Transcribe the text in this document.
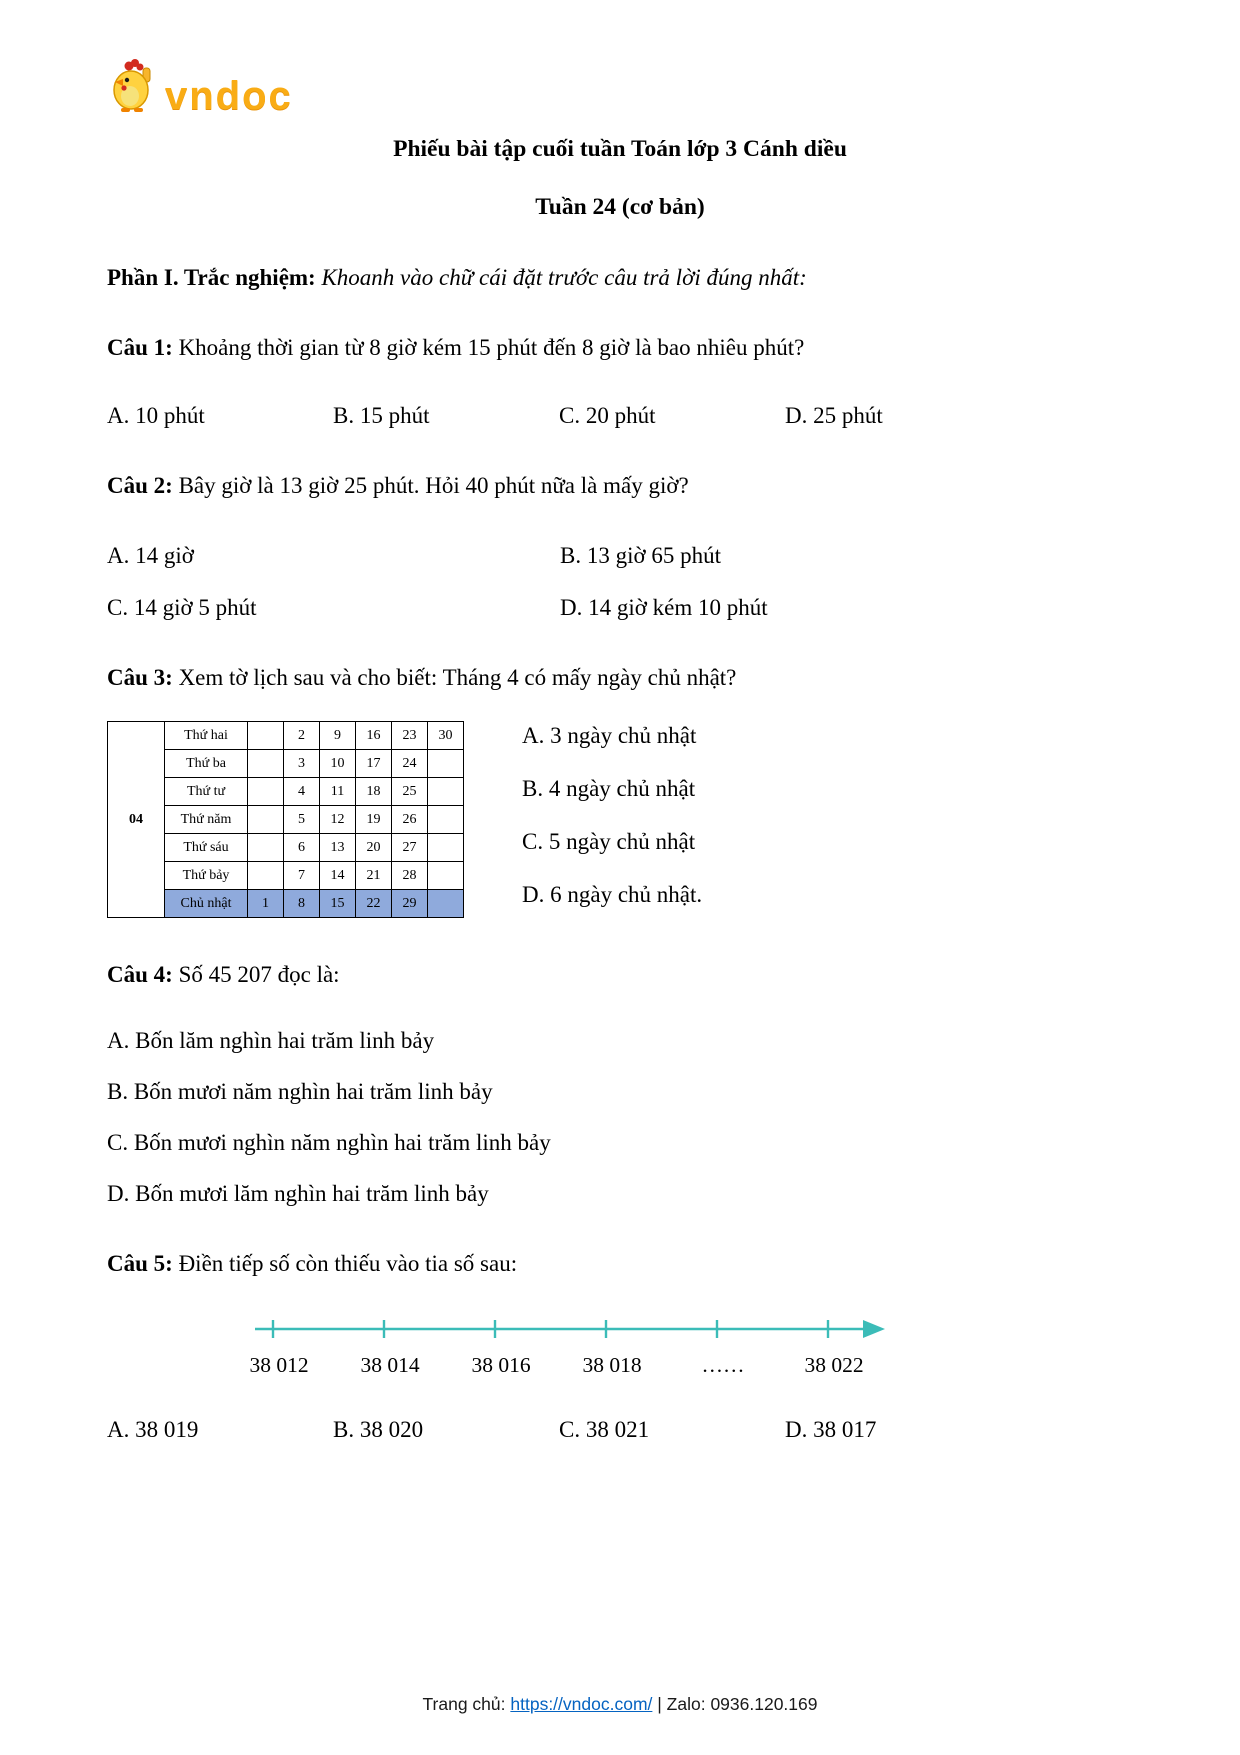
vndoc
Phiếu bài tập cuối tuần Toán lớp 3 Cánh diều
Tuần 24 (cơ bản)

Phần I. Trắc nghiệm: Khoanh vào chữ cái đặt trước câu trả lời đúng nhất:

Câu 1: Khoảng thời gian từ 8 giờ kém 15 phút đến 8 giờ là bao nhiêu phút?

A. 10 phút	B. 15 phút	C. 20 phút	D. 25 phút

Câu 2: Bây giờ là 13 giờ 25 phút. Hỏi 40 phút nữa là mấy giờ?

A. 14 giờ	B. 13 giờ 65 phút
C. 14 giờ 5 phút	D. 14 giờ kém 10 phút

Câu 3: Xem tờ lịch sau và cho biết: Tháng 4 có mấy ngày chủ nhật?

04	Thứ hai		2	9	16	23	30
	Thứ ba		3	10	17	24	
	Thứ tư		4	11	18	25	
	Thứ năm		5	12	19	26	
	Thứ sáu		6	13	20	27	
	Thứ bảy		7	14	21	28	
	Chủ nhật	1	8	15	22	29	
A. 3 ngày chủ nhật
B. 4 ngày chủ nhật
C. 5 ngày chủ nhật
D. 6 ngày chủ nhật.

Câu 4: Số 45 207 đọc là:

A. Bốn lăm nghìn hai trăm linh bảy
B. Bốn mươi năm nghìn hai trăm linh bảy
C. Bốn mươi nghìn năm nghìn hai trăm linh bảy
D. Bốn mươi lăm nghìn hai trăm linh bảy

Câu 5: Điền tiếp số còn thiếu vào tia số sau:

38 012 38 014 38 016 38 018	……	38 022
A. 38 019	B. 38 020	C. 38 021	D. 38 017
Trang chủ: https://vndoc.com/ | Zalo: 0936.120.169
